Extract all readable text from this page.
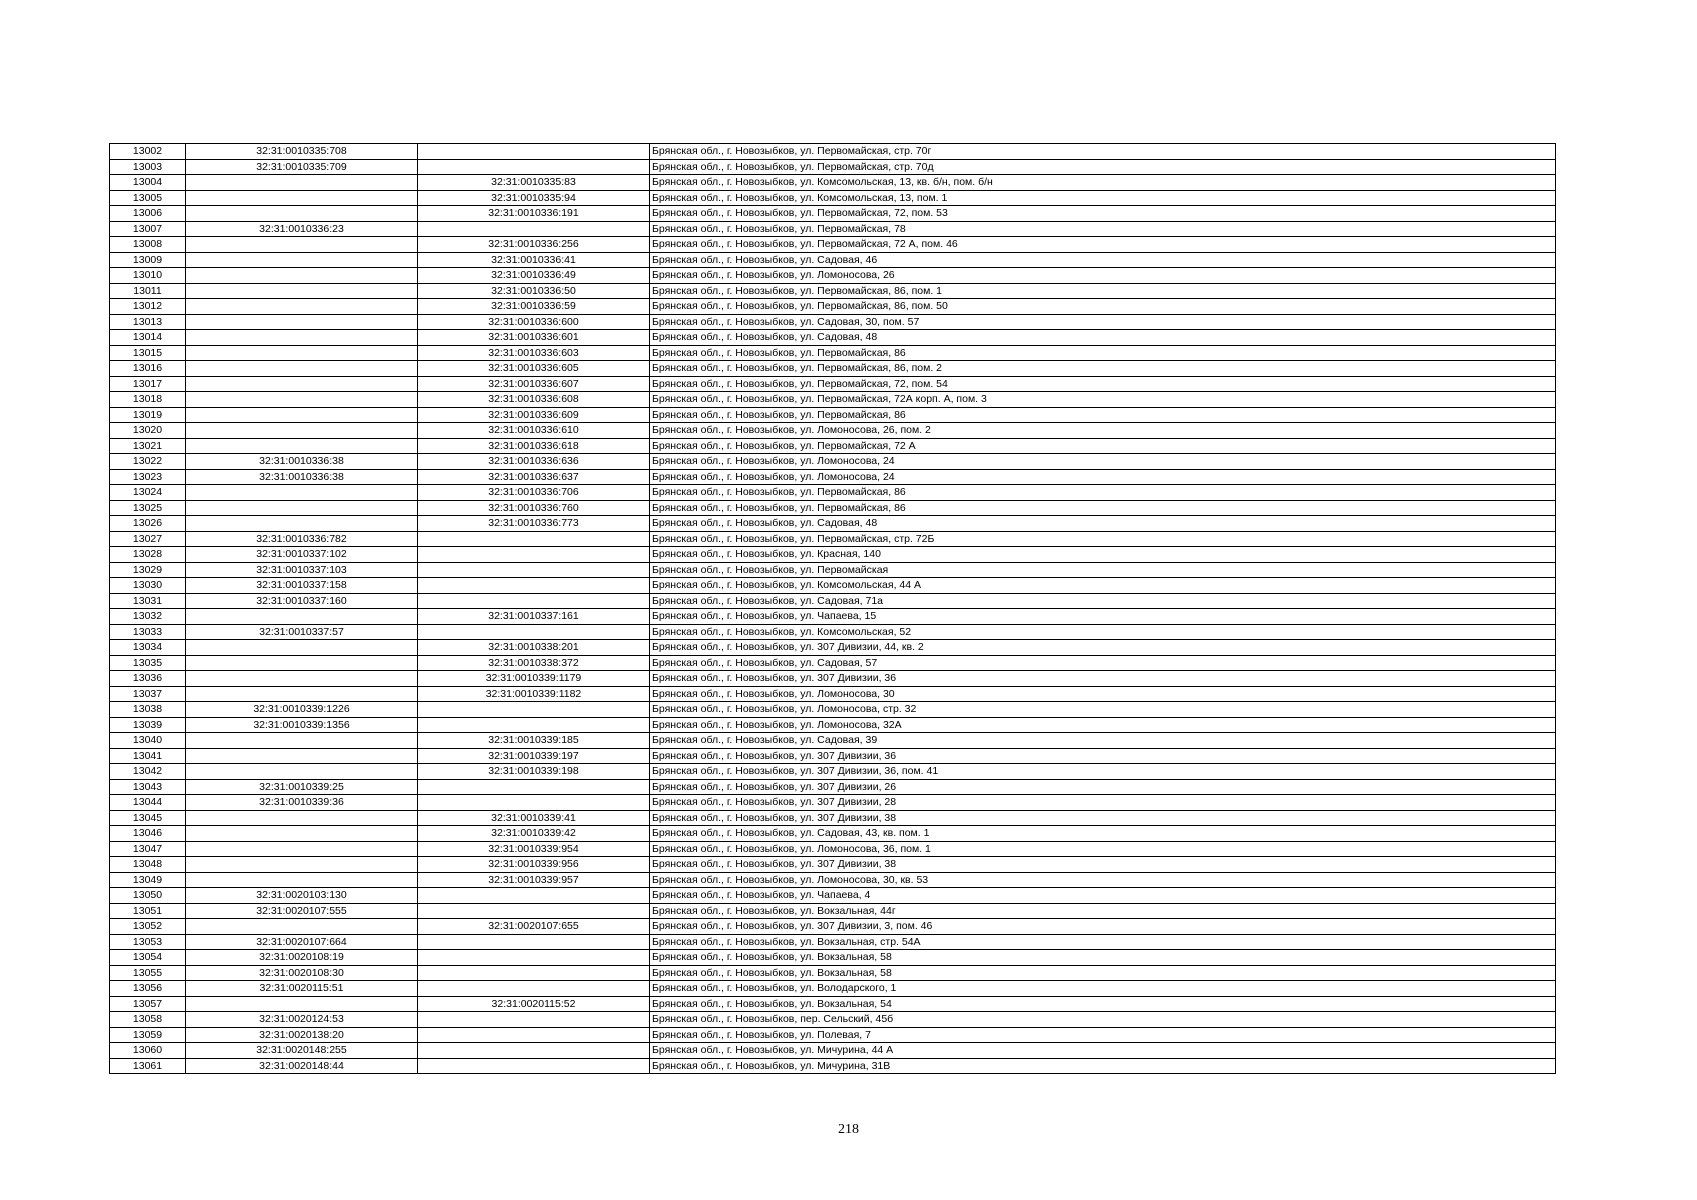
13002	32:31:0010335:708		Брянская обл., г. Новозыбков, ул. Первомайская, стр. 70г
13003	32:31:0010335:709		Брянская обл., г. Новозыбков, ул. Первомайская, стр. 70д
13004		32:31:0010335:83	Брянская обл., г. Новозыбков, ул. Комсомольская, 13, кв. б/н, пом. б/н
13005		32:31:0010335:94	Брянская обл., г. Новозыбков, ул. Комсомольская, 13, пом. 1
13006		32:31:0010336:191	Брянская обл., г. Новозыбков, ул. Первомайская, 72, пом. 53
13007	32:31:0010336:23		Брянская обл., г. Новозыбков, ул. Первомайская, 78
13008		32:31:0010336:256	Брянская обл., г. Новозыбков, ул. Первомайская, 72 А, пом. 46
13009		32:31:0010336:41	Брянская обл., г. Новозыбков, ул. Садовая, 46
13010		32:31:0010336:49	Брянская обл., г. Новозыбков, ул. Ломоносова, 26
13011		32:31:0010336:50	Брянская обл., г. Новозыбков, ул. Первомайская, 86, пом. 1
13012		32:31:0010336:59	Брянская обл., г. Новозыбков, ул. Первомайская, 86, пом. 50
13013		32:31:0010336:600	Брянская обл., г. Новозыбков, ул. Садовая, 30, пом. 57
13014		32:31:0010336:601	Брянская обл., г. Новозыбков, ул. Садовая, 48
13015		32:31:0010336:603	Брянская обл., г. Новозыбков, ул. Первомайская, 86
13016		32:31:0010336:605	Брянская обл., г. Новозыбков, ул. Первомайская, 86, пом. 2
13017		32:31:0010336:607	Брянская обл., г. Новозыбков, ул. Первомайская, 72, пом. 54
13018		32:31:0010336:608	Брянская обл., г. Новозыбков, ул. Первомайская, 72А корп. А, пом. 3
13019		32:31:0010336:609	Брянская обл., г. Новозыбков, ул. Первомайская, 86
13020		32:31:0010336:610	Брянская обл., г. Новозыбков, ул. Ломоносова, 26, пом. 2
13021		32:31:0010336:618	Брянская обл., г. Новозыбков, ул. Первомайская, 72 А
13022	32:31:0010336:38	32:31:0010336:636	Брянская обл., г. Новозыбков, ул. Ломоносова, 24
13023	32:31:0010336:38	32:31:0010336:637	Брянская обл., г. Новозыбков, ул. Ломоносова, 24
13024		32:31:0010336:706	Брянская обл., г. Новозыбков, ул. Первомайская, 86
13025		32:31:0010336:760	Брянская обл., г. Новозыбков, ул. Первомайская, 86
13026		32:31:0010336:773	Брянская обл., г. Новозыбков, ул. Садовая, 48
13027	32:31:0010336:782		Брянская обл., г. Новозыбков, ул. Первомайская, стр. 72Б
13028	32:31:0010337:102		Брянская обл., г. Новозыбков, ул. Красная, 140
13029	32:31:0010337:103		Брянская обл., г. Новозыбков, ул. Первомайская
13030	32:31:0010337:158		Брянская обл., г. Новозыбков, ул. Комсомольская, 44 А
13031	32:31:0010337:160		Брянская обл., г. Новозыбков, ул. Садовая, 71а
13032		32:31:0010337:161	Брянская обл., г. Новозыбков, ул. Чапаева, 15
13033	32:31:0010337:57		Брянская обл., г. Новозыбков, ул. Комсомольская, 52
13034		32:31:0010338:201	Брянская обл., г. Новозыбков, ул. 307 Дивизии, 44, кв. 2
13035		32:31:0010338:372	Брянская обл., г. Новозыбков, ул. Садовая, 57
13036		32:31:0010339:1179	Брянская обл., г. Новозыбков, ул. 307 Дивизии, 36
13037		32:31:0010339:1182	Брянская обл., г. Новозыбков, ул. Ломоносова, 30
13038	32:31:0010339:1226		Брянская обл., г. Новозыбков, ул. Ломоносова, стр. 32
13039	32:31:0010339:1356		Брянская обл., г. Новозыбков, ул. Ломоносова, 32А
13040		32:31:0010339:185	Брянская обл., г. Новозыбков, ул. Садовая, 39
13041		32:31:0010339:197	Брянская обл., г. Новозыбков, ул. 307 Дивизии, 36
13042		32:31:0010339:198	Брянская обл., г. Новозыбков, ул. 307 Дивизии, 36, пом. 41
13043	32:31:0010339:25		Брянская обл., г. Новозыбков, ул. 307 Дивизии, 26
13044	32:31:0010339:36		Брянская обл., г. Новозыбков, ул. 307 Дивизии, 28
13045		32:31:0010339:41	Брянская обл., г. Новозыбков, ул. 307 Дивизии, 38
13046		32:31:0010339:42	Брянская обл., г. Новозыбков, ул. Садовая, 43, кв. пом. 1
13047		32:31:0010339:954	Брянская обл., г. Новозыбков, ул. Ломоносова, 36, пом. 1
13048		32:31:0010339:956	Брянская обл., г. Новозыбков, ул. 307 Дивизии, 38
13049		32:31:0010339:957	Брянская обл., г. Новозыбков, ул. Ломоносова, 30, кв. 53
13050	32:31:0020103:130		Брянская обл., г. Новозыбков, ул. Чапаева, 4
13051	32:31:0020107:555		Брянская обл., г. Новозыбков, ул. Вокзальная, 44г
13052		32:31:0020107:655	Брянская обл., г. Новозыбков, ул. 307 Дивизии, 3, пом. 46
13053	32:31:0020107:664		Брянская обл., г. Новозыбков, ул. Вокзальная, стр. 54А
13054	32:31:0020108:19		Брянская обл., г. Новозыбков, ул. Вокзальная, 58
13055	32:31:0020108:30		Брянская обл., г. Новозыбков, ул. Вокзальная, 58
13056	32:31:0020115:51		Брянская обл., г. Новозыбков, ул. Володарского, 1
13057		32:31:0020115:52	Брянская обл., г. Новозыбков, ул. Вокзальная, 54
13058	32:31:0020124:53		Брянская обл., г. Новозыбков, пер. Сельский, 45б
13059	32:31:0020138:20		Брянская обл., г. Новозыбков, ул. Полевая, 7
13060	32:31:0020148:255		Брянская обл., г. Новозыбков, ул. Мичурина, 44 А
13061	32:31:0020148:44		Брянская обл., г. Новозыбков, ул. Мичурина, 31В
218
